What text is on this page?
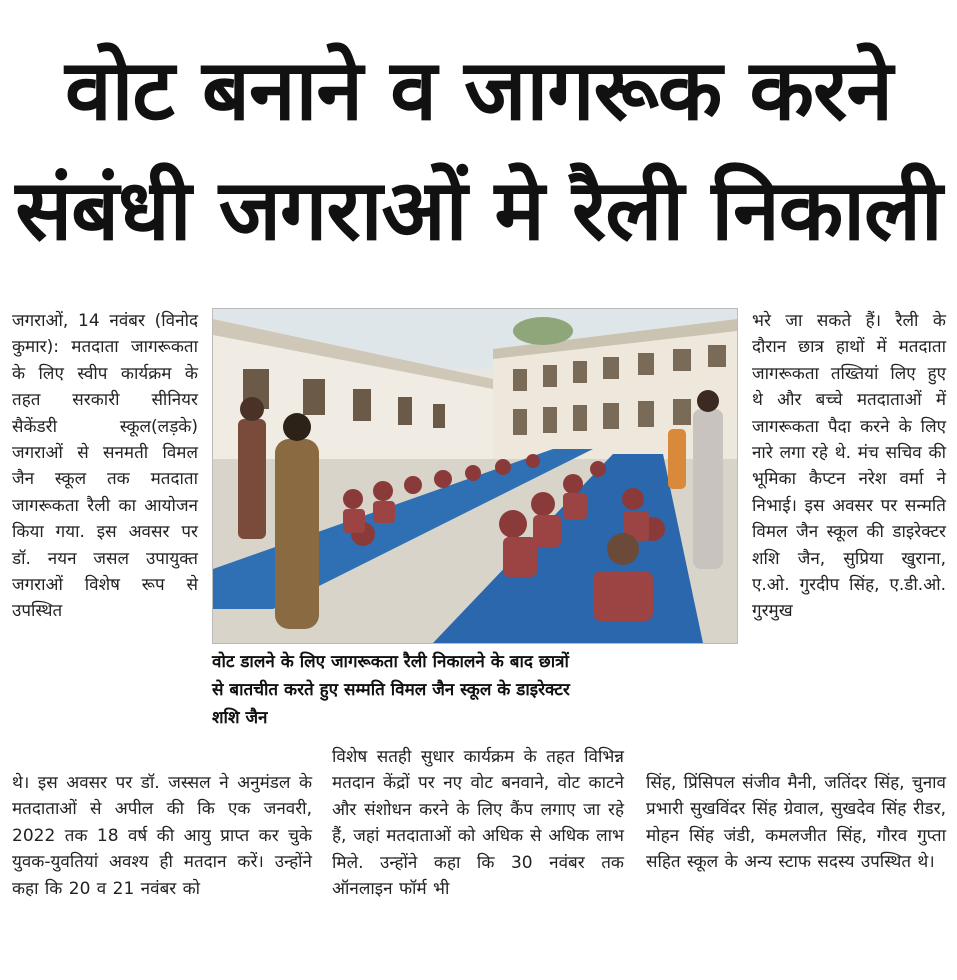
वोट बनाने व जागरूक करने
संबंधी जगराओं मे रैली निकाली

जगराओं, 14 नवंबर (विनोद कुमार): मतदाता जागरूकता के लिए स्वीप कार्यक्रम के तहत सरकारी सीनियर सैकेंडरी स्कूल(लड़के) जगराओं से सनमती विमल जैन स्कूल तक मतदाता जागरूकता रैली का आयोजन किया गया. इस अवसर पर डॉ. नयन जसल उपायुक्त जगराओं विशेष रूप से उपस्थित

थे। इस अवसर पर डॉ. जस्सल ने अनुमंडल के मतदाताओं से अपील की कि एक जनवरी, 2022 तक 18 वर्ष की आयु प्राप्त कर चुके युवक-युवतियां अवश्य ही मतदान करें। उन्होंने कहा कि 20 व 21 नवंबर को

वोट डालने के लिए जागरूकता रैली निकालने के बाद छात्रों
से बातचीत करते हुए सम्मति विमल जैन स्कूल के डाइरेक्टर
शशि जैन

विशेष सतही सुधार कार्यक्रम के तहत विभिन्न मतदान केंद्रों पर नए वोट बनवाने, वोट काटने और संशोधन करने के लिए कैंप लगाए जा रहे हैं, जहां मतदाताओं को अधिक से अधिक लाभ मिले. उन्होंने कहा कि 30 नवंबर तक ऑनलाइन फॉर्म भी

भरे जा सकते हैं। रैली के दौरान छात्र हाथों में मतदाता जागरूकता तख्तियां लिए हुए थे और बच्चे मतदाताओं में जागरूकता पैदा करने के लिए नारे लगा रहे थे. मंच सचिव की भूमिका कैप्टन नरेश वर्मा ने निभाई। इस अवसर पर सन्मति विमल जैन स्कूल की डाइरेक्टर शशि जैन, सुप्रिया खुराना, ए.ओ. गुरदीप सिंह, ए.डी.ओ. गुरमुख

सिंह, प्रिंसिपल संजीव मैनी, जतिंदर सिंह, चुनाव प्रभारी सुखविंदर सिंह ग्रेवाल, सुखदेव सिंह रीडर, मोहन सिंह जंडी, कमलजीत सिंह, गौरव गुप्ता सहित स्कूल के अन्य स्टाफ सदस्य उपस्थित थे।
